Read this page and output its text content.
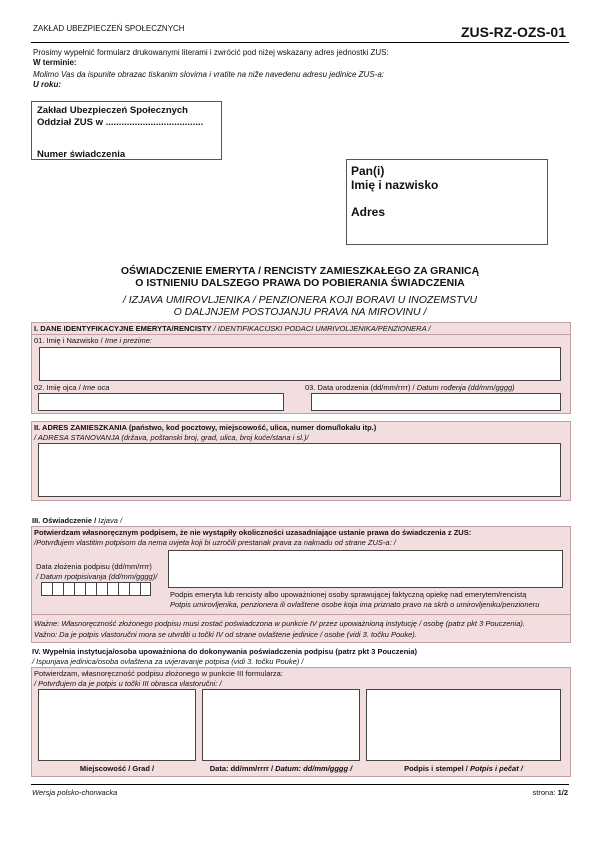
ZAKŁAD UBEZPIECZEŃ SPOŁECZNYCH	ZUS-RZ-OZS-01
Prosimy wypełnić formularz drukowanymi literami i zwrócić pod niżej wskazany adres jednostki ZUS:
W terminie:
Molimo Vas da ispunite obrazac tiskanim slovima i vratite na niže navedenu adresu jedinice ZUS-a:
U roku:
Zakład Ubezpieczeń Społecznych
Oddział ZUS w .....................................
Numer świadczenia
Pan(i)
Imię i nazwisko
Adres
OŚWIADCZENIE EMERYTA / RENCISTY ZAMIESZKAŁEGO ZA GRANICĄ
O ISTNIENIU DALSZEGO PRAWA DO POBIERANIA ŚWIADCZENIA
/ IZJAVA UMIROVLJENIKA / PENZIONERA KOJI BORAVI U INOZEMSTVU
O DALJNJEM POSTOJANJU PRAVA NA MIROVINU /
I. DANE IDENTYFIKACYJNE EMERYTA/RENCISTY / IDENTIFIKACIJSKI PODACI UMRIVOLJENIKA/PENZIONERA /
01. Imię i Nazwisko / Ime i prezime:
02. Imię ojca / Ime oca	03. Data urodzenia (dd/mm/rrrr) / Datum rođenja (dd/mm/gggg)
II. ADRES ZAMIESZKANIA (państwo, kod pocztowy, miejscowość, ulica, numer domu/lokalu itp.)
/ ADRESA STANOVANJA (država, poštanski broj, grad, ulica, broj kuće/stana i sl.)/
III. Oświadczenie / Izjava /
Potwierdzam własnoręcznym podpisem, że nie wystąpiły okoliczności uzasadniające ustanie prawa do świadczenia z ZUS:
/Potvrđujem vlastitim potpisom da nema uvjeta koji bi uzročili prestanak prava za naknadu od strane ZUS-a: /
Data złożenia podpisu (dd/mm/rrrr)
/ Datum rpotpisivanja (dd/mm/gggg)/
Podpis emeryta lub rencisty albo upoważnionej osoby sprawującej faktyczną opiekę nad emerytem/rencistą
Potpis umirovljenika, penzionera ili ovlaštene osobe koja ima priznato pravo na skrb o umirovljeniku/penzioneru
Ważne: Własnoręczność złożonego podpisu musi zostać poświadczona w punkcie IV przez upoważnioną instytucję / osobę (patrz pkt 3 Pouczenia).
Važno: Da je potpis vlastoručni mora se utvrditi u točki IV od strane ovlaštene jedinice / osobe (vidi 3. točku Pouke).
IV. Wypełnia instytucja/osoba upoważniona do dokonywania poświadczenia podpisu (patrz pkt 3 Pouczenia)
/ Ispunjava jedinica/osoba ovlaštena za uvjeravanje potpisa (vidi 3. točku Pouke) /
Potwierdzam, własnoręczność podpisu złożonego w punkcie III formularza:
/ Potvrđujem da je potpis u točki III obrasca vlastoručni: /
Miejscowość / Grad /	Data: dd/mm/rrrr / Datum: dd/mm/gggg /	Podpis i stempel / Potpis i pečat /
Wersja polsko-chorwacka	strona: 1/2
